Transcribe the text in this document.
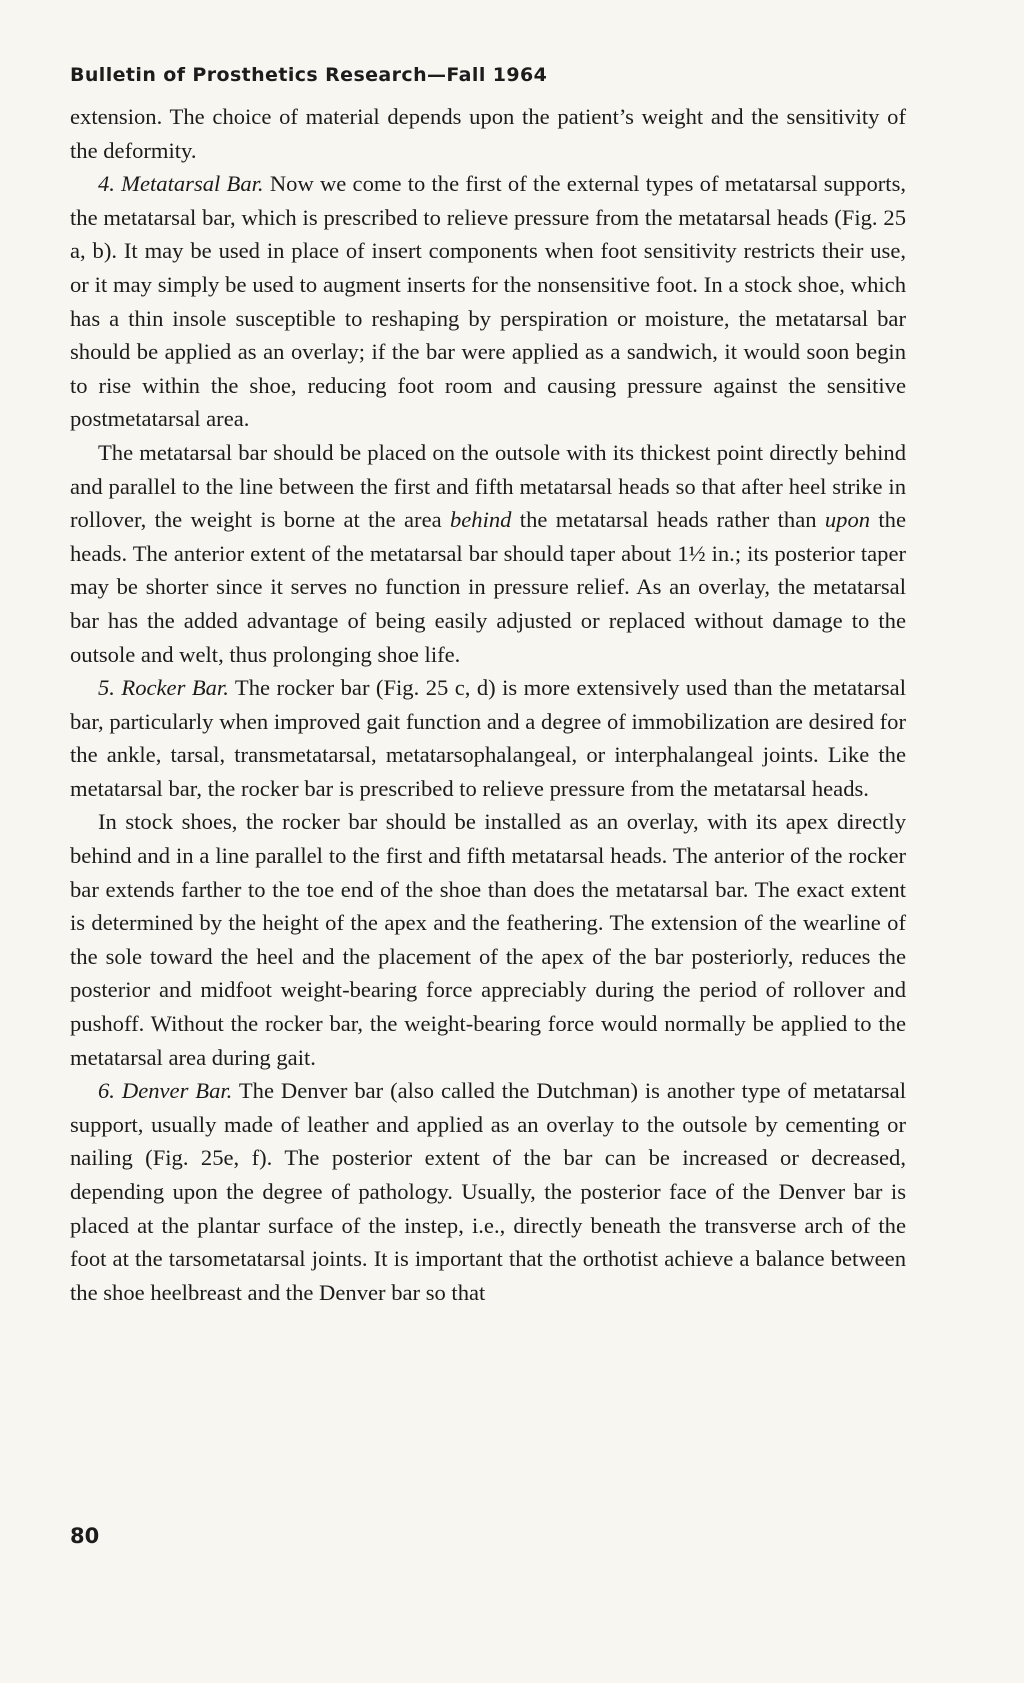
Bulletin of Prosthetics Research—Fall 1964

extension. The choice of material depends upon the patient’s weight and the sensitivity of the deformity.

4. Metatarsal Bar. Now we come to the first of the external types of metatarsal supports, the metatarsal bar, which is prescribed to relieve pressure from the metatarsal heads (Fig. 25 a, b). It may be used in place of insert components when foot sensitivity restricts their use, or it may simply be used to augment inserts for the nonsensitive foot. In a stock shoe, which has a thin insole susceptible to reshaping by perspiration or moisture, the metatarsal bar should be applied as an overlay; if the bar were applied as a sandwich, it would soon begin to rise within the shoe, reducing foot room and causing pressure against the sensitive postmetatarsal area.

The metatarsal bar should be placed on the outsole with its thickest point directly behind and parallel to the line between the first and fifth metatarsal heads so that after heel strike in rollover, the weight is borne at the area behind the metatarsal heads rather than upon the heads. The anterior extent of the metatarsal bar should taper about 1½ in.; its posterior taper may be shorter since it serves no function in pressure relief. As an overlay, the metatarsal bar has the added advantage of being easily adjusted or replaced without damage to the outsole and welt, thus prolonging shoe life.

5. Rocker Bar. The rocker bar (Fig. 25 c, d) is more extensively used than the metatarsal bar, particularly when improved gait function and a degree of immobilization are desired for the ankle, tarsal, transmetatarsal, metatarsophalangeal, or interphalangeal joints. Like the metatarsal bar, the rocker bar is prescribed to relieve pressure from the metatarsal heads.

In stock shoes, the rocker bar should be installed as an overlay, with its apex directly behind and in a line parallel to the first and fifth metatarsal heads. The anterior of the rocker bar extends farther to the toe end of the shoe than does the metatarsal bar. The exact extent is determined by the height of the apex and the feathering. The extension of the wearline of the sole toward the heel and the placement of the apex of the bar posteriorly, reduces the posterior and midfoot weight-bearing force appreciably during the period of rollover and pushoff. Without the rocker bar, the weight-bearing force would normally be applied to the metatarsal area during gait.

6. Denver Bar. The Denver bar (also called the Dutchman) is another type of metatarsal support, usually made of leather and applied as an overlay to the outsole by cementing or nailing (Fig. 25e, f). The posterior extent of the bar can be increased or decreased, depending upon the degree of pathology. Usually, the posterior face of the Denver bar is placed at the plantar surface of the instep, i.e., directly beneath the transverse arch of the foot at the tarsometatarsal joints. It is important that the orthotist achieve a balance between the shoe heelbreast and the Denver bar so that

80
